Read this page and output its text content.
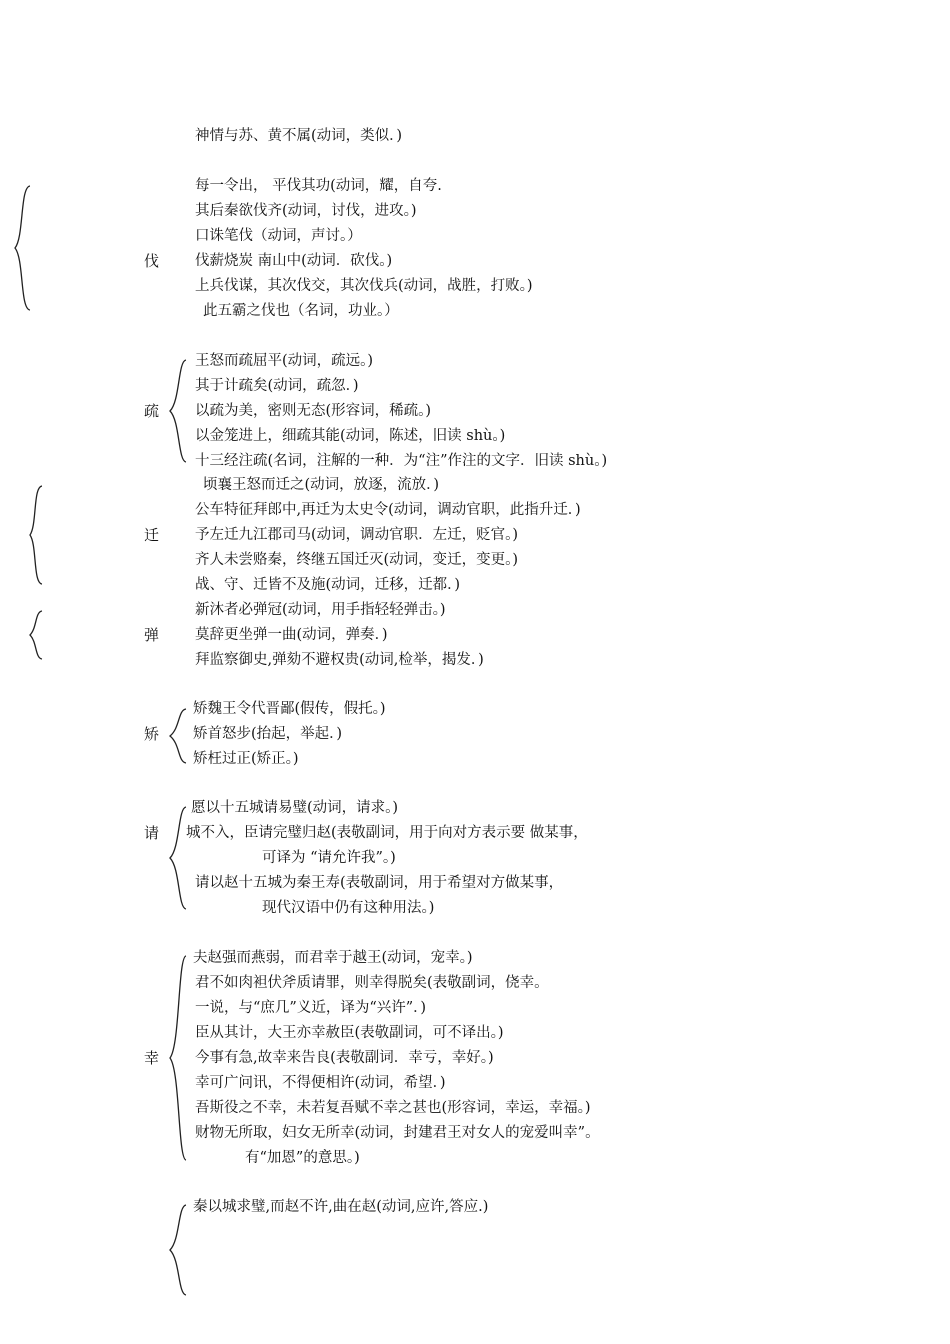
神情与苏、黄不属(动词，类似．)
伐
每一令出， 平伐其功(动词，耀，自夸.
其后秦欲伐齐(动词，讨伐，进攻。)
口诛笔伐（动词，声讨。）
伐薪烧炭 南山中(动词．砍伐。)
上兵伐谋，其次伐交，其次伐兵(动词，战胜，打败。)
此五霸之伐也（名词，功业。）
疏
王怒而疏屈平(动词，疏远。)
其于计疏矣(动词，疏忽．)
以疏为美，密则无态(形容词，稀疏。)
以金笼进上，细疏其能(动词，陈述，旧读 shù。)
十三经注疏(名词，注解的一种．为“注”作注的文字．旧读 shù。)
迁
顷襄王怒而迁之(动词，放逐，流放．)
公车特征拜郎中,再迁为太史令(动词，调动官职，此指升迁．)
予左迁九江郡司马(动词，调动官职．左迁，贬官。)
齐人未尝赂秦，终继五国迁灭(动词，变迁，变更。)
战、守、迁皆不及施(动词，迁移，迁都．)
弹
新沐者必弹冠(动词，用手指轻轻弹击。)
莫辞更坐弹一曲(动词，弹奏．)
拜监察御史,弹劾不避权贵(动词,检举，揭发．)
矫
矫魏王令代晋鄙(假传，假托。)
矫首怒步(抬起，举起．)
矫枉过正(矫正。)
请
愿以十五城请易璧(动词，请求。)
城不入，臣请完璧归赵(表敬副词，用于向对方表示要 做某事，
可译为 “请允许我”。)
请以赵十五城为秦王寿(表敬副词，用于希望对方做某事，
现代汉语中仍有这种用法。)
幸
夫赵强而燕弱，而君幸于越王(动词，宠幸。)
君不如肉袒伏斧质请罪，则幸得脱矣(表敬副词，侥幸。
一说，与“庶几”义近，译为“兴许”．)
臣从其计，大王亦幸赦臣(表敬副词，可不译出。)
今事有急,故幸来告良(表敬副词．幸亏，幸好。)
幸可广问讯，不得便相许(动词，希望．)
吾斯役之不幸，未若复吾赋不幸之甚也(形容词，幸运，幸福。)
财物无所取，妇女无所幸(动词，封建君王对女人的宠爱叫幸”。
有“加恩”的意思。)
秦以城求璧,而赵不许,曲在赵(动词,应许,答应.)
